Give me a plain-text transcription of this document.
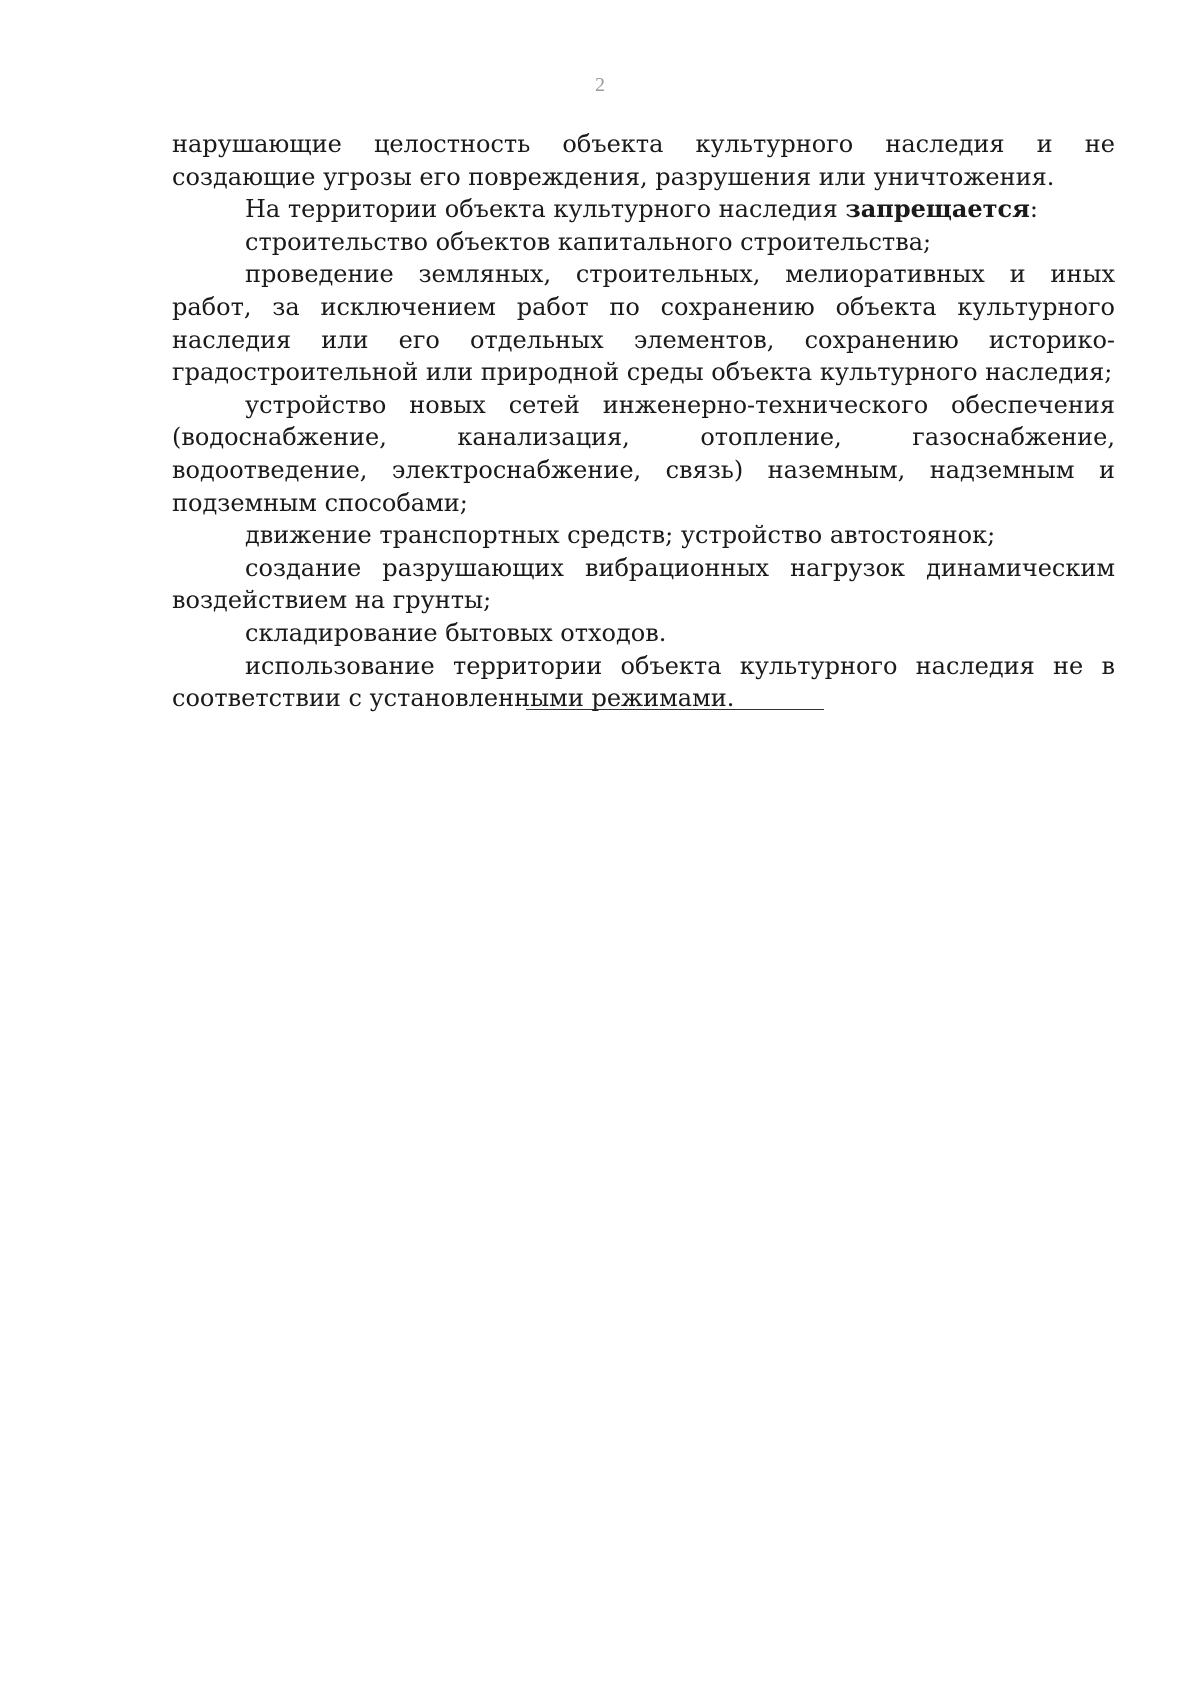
2

нарушающие целостность объекта культурного наследия и не создающие угрозы его повреждения, разрушения или уничтожения.

На территории объекта культурного наследия запрещается:

строительство объектов капитального строительства;

проведение земляных, строительных, мелиоративных и иных работ, за исключением работ по сохранению объекта культурного наследия или его отдельных элементов, сохранению историко-градостроительной или природной среды объекта культурного наследия;

устройство новых сетей инженерно-технического обеспечения (водоснабжение, канализация, отопление, газоснабжение, водоотведение, электроснабжение, связь) наземным, надземным и подземным способами;

движение транспортных средств; устройство автостоянок;

создание разрушающих вибрационных нагрузок динамическим воздействием на грунты;

складирование бытовых отходов.

использование территории объекта культурного наследия не в соответствии с установленными режимами.
